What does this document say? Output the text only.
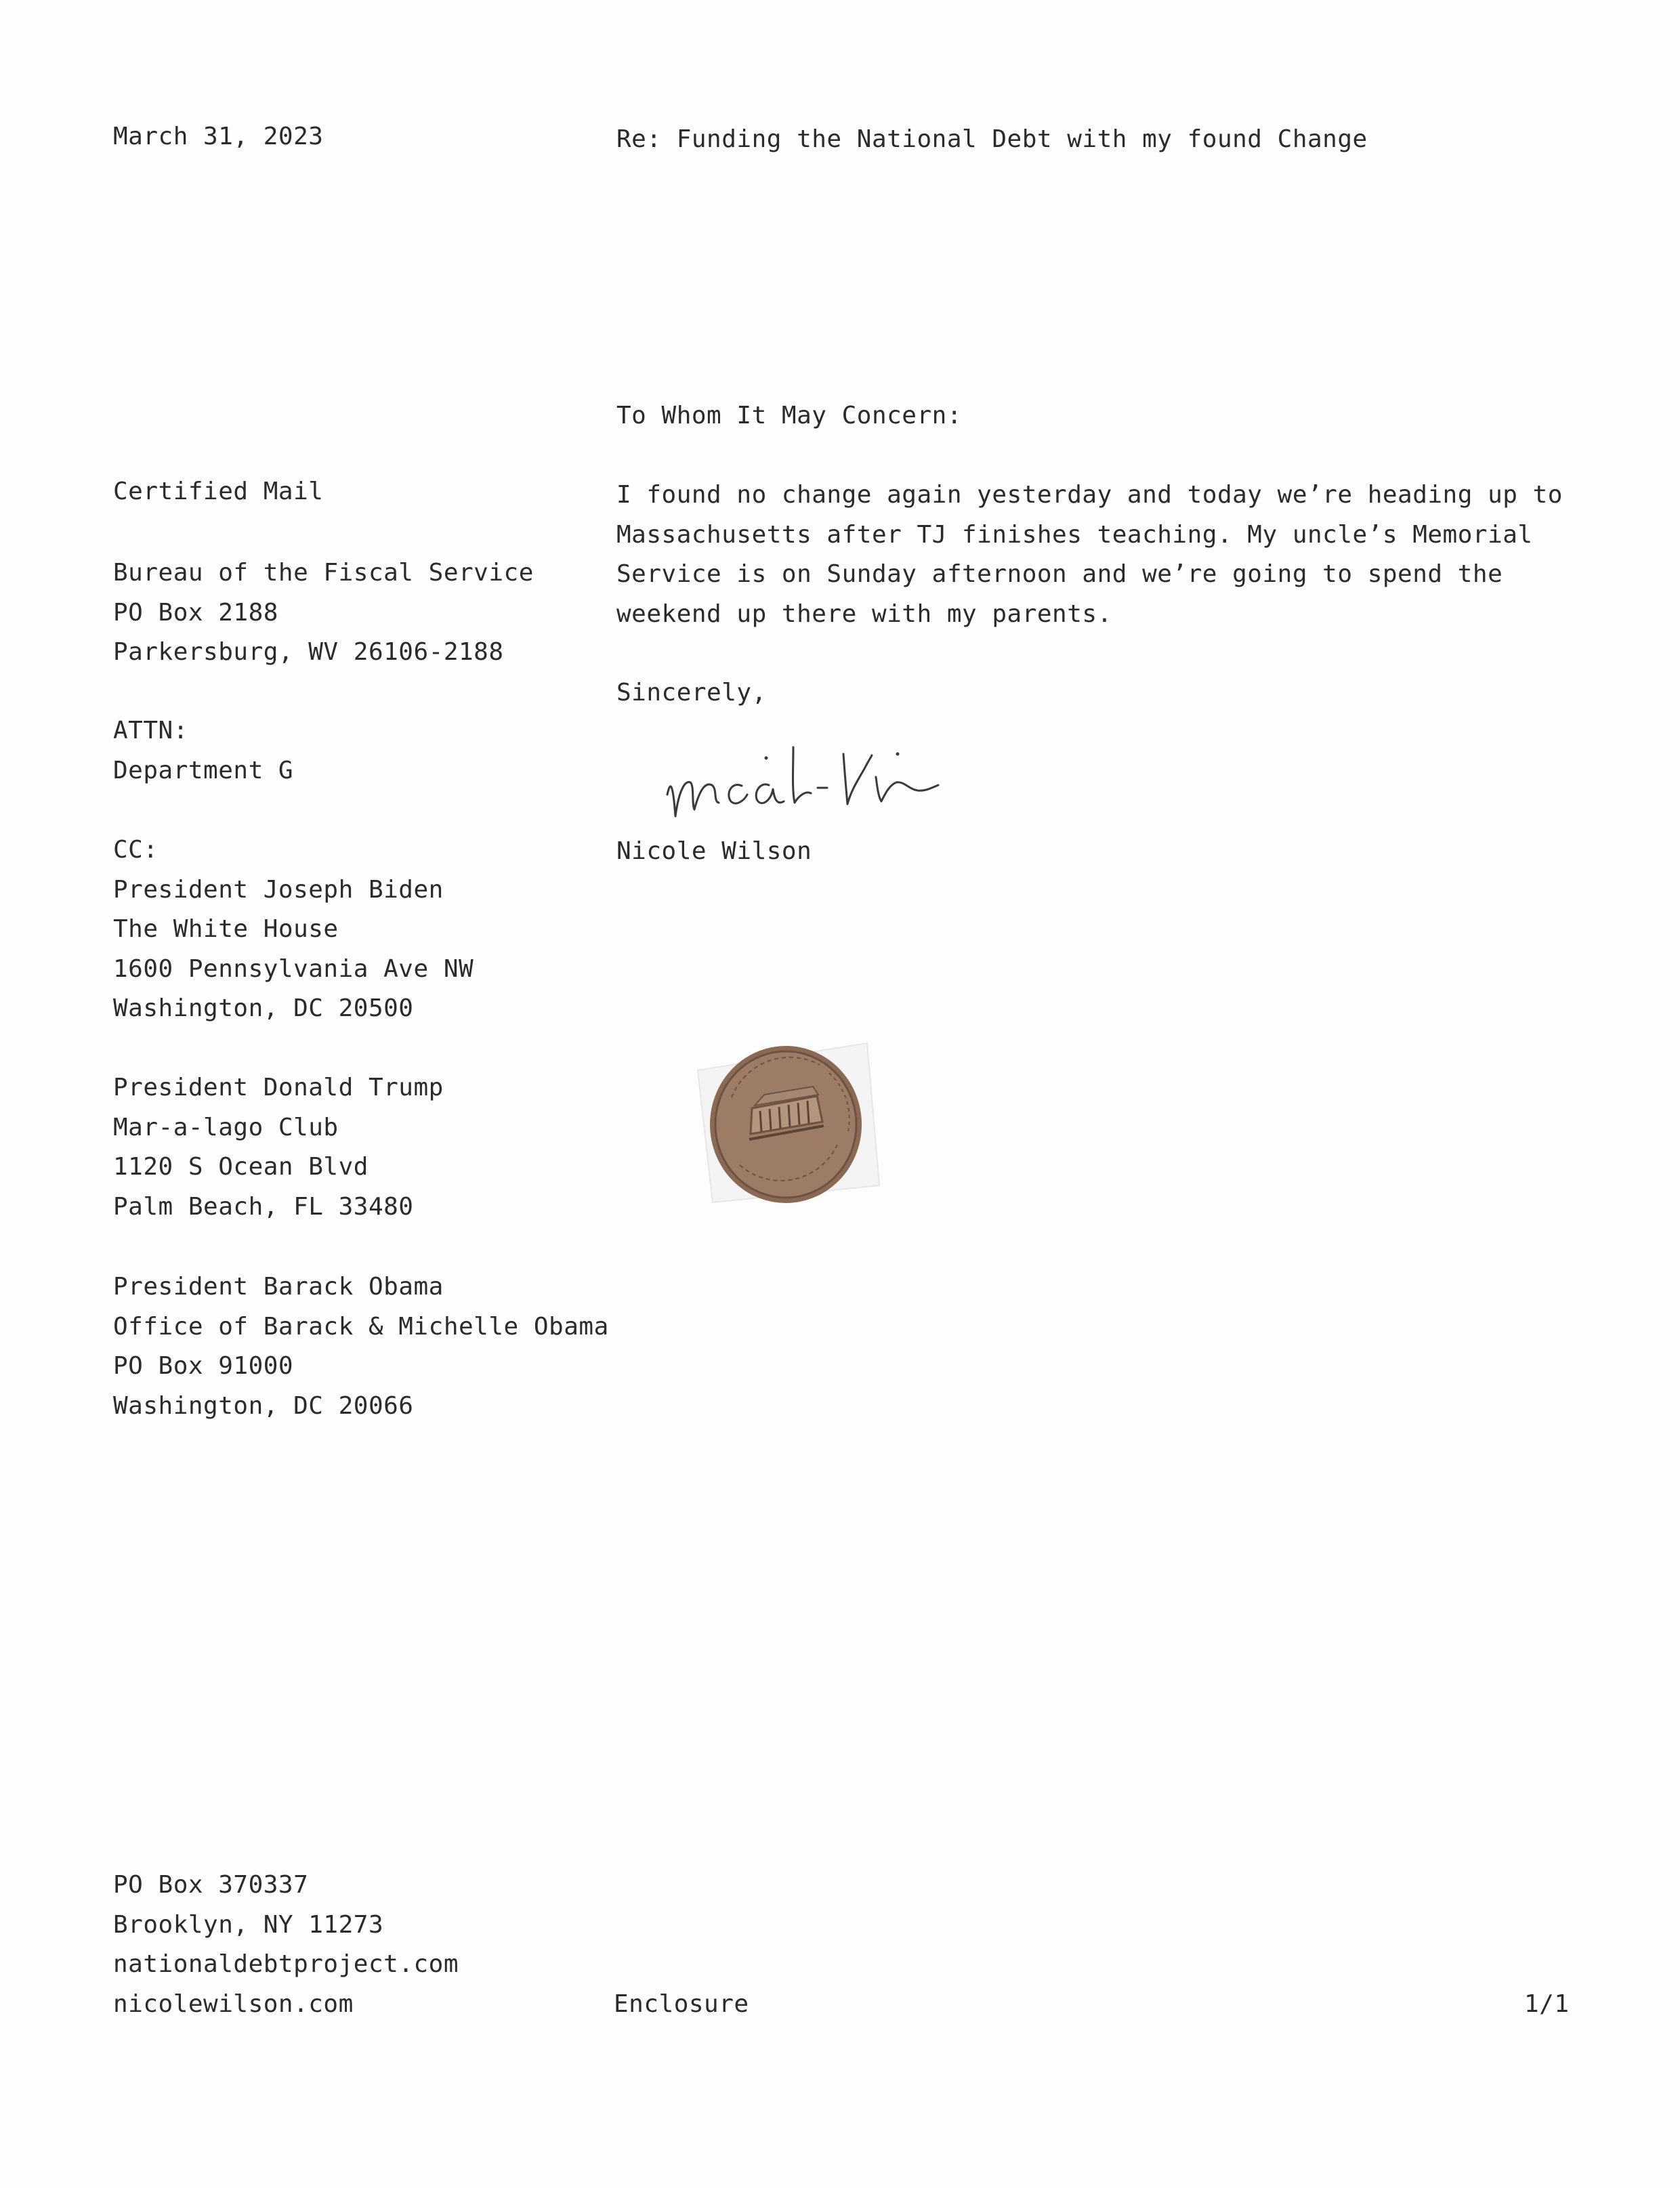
March 31, 2023	Re: Funding the National Debt with my found Change
To Whom It May Concern:
Certified Mail
Bureau of the Fiscal Service
PO Box 2188
Parkersburg, WV 26106-2188
ATTN:
Department G
CC:
President Joseph Biden
The White House
1600 Pennsylvania Ave NW
Washington, DC 20500
President Donald Trump
Mar-a-lago Club
1120 S Ocean Blvd
Palm Beach, FL 33480
President Barack Obama
Office of Barack & Michelle Obama
PO Box 91000
Washington, DC 20066
I found no change again yesterday and today we’re heading up to Massachusetts after TJ finishes teaching. My uncle’s Memorial Service is on Sunday afternoon and we’re going to spend the weekend up there with my parents.
Sincerely,
Nicole Wilson
PO Box 370337
Brooklyn, NY 11273
nationaldebtproject.com
nicolewilson.com	Enclosure	1/1
